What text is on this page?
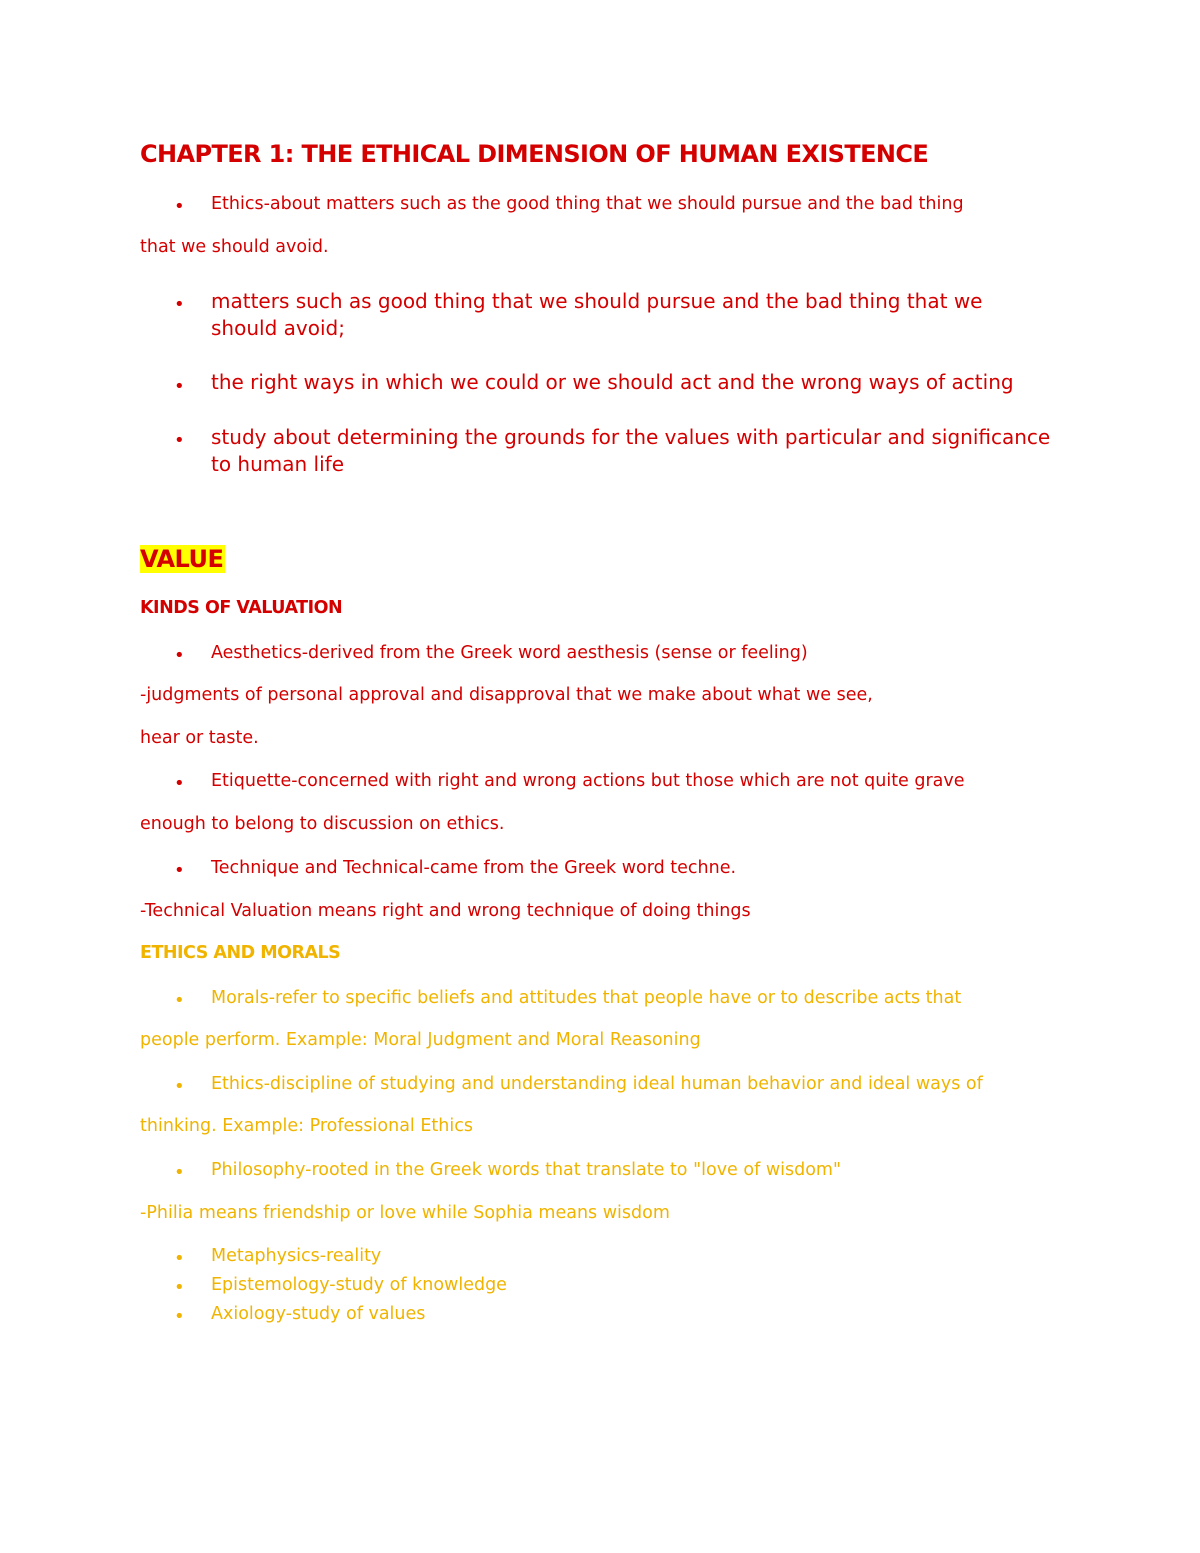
CHAPTER 1: THE ETHICAL DIMENSION OF HUMAN EXISTENCE
• Ethics-about matters such as the good thing that we should pursue and the bad thing

that we should avoid.

• matters such as good thing that we should pursue and the bad thing that we should avoid;

• the right ways in which we could or we should act and the wrong ways of acting

• study about determining the grounds for the values with particular and significance to human life

VALUE

KINDS OF VALUATION

• Aesthetics-derived from the Greek word aesthesis (sense or feeling)

-judgments of personal approval and disapproval that we make about what we see,

hear or taste.

• Etiquette-concerned with right and wrong actions but those which are not quite grave

enough to belong to discussion on ethics.

• Technique and Technical-came from the Greek word techne.

-Technical Valuation means right and wrong technique of doing things

ETHICS AND MORALS

• Morals-refer to specific beliefs and attitudes that people have or to describe acts that

people perform. Example: Moral Judgment and Moral Reasoning

• Ethics-discipline of studying and understanding ideal human behavior and ideal ways of

thinking. Example: Professional Ethics

• Philosophy-rooted in the Greek words that translate to "love of wisdom"

-Philia means friendship or love while Sophia means wisdom

• Metaphysics-reality

• Epistemology-study of knowledge

• Axiology-study of values
